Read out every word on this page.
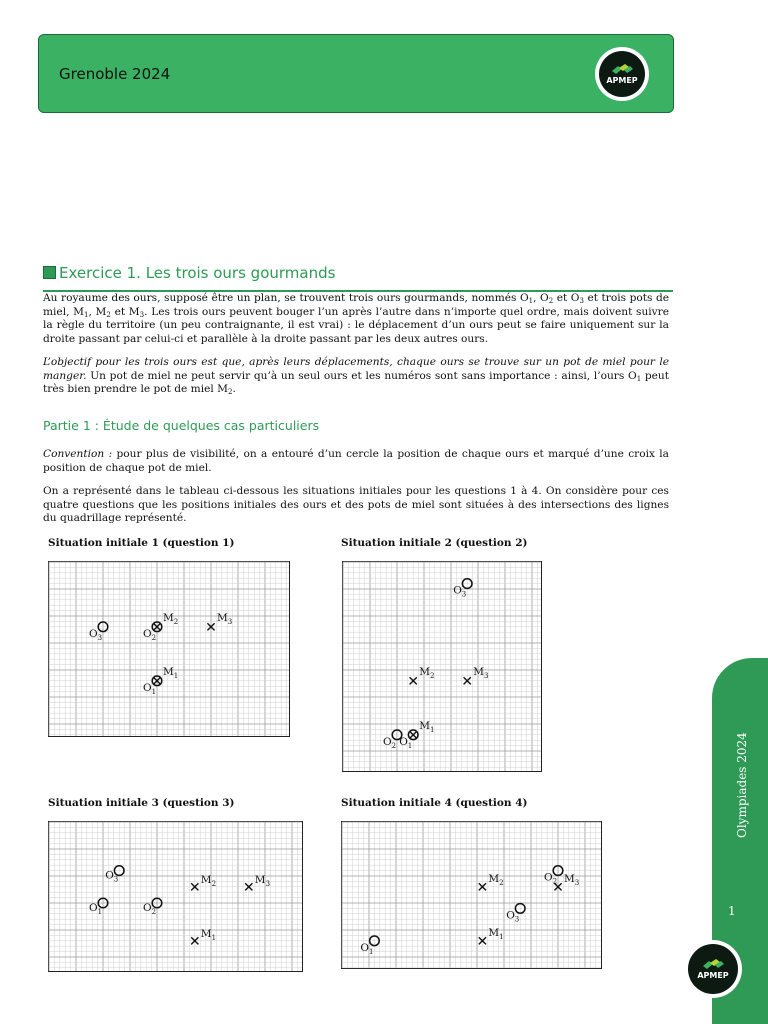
Grenoble 2024	APMEP
Exercice 1. Les trois ours gourmands
Au royaume des ours, supposé être un plan, se trouvent trois ours gourmands, nommés $O_1$, $O_2$ et $O_3$ et trois pots de miel, $M_1$, $M_2$ et $M_3$. Les trois ours peuvent bouger l’un après l’autre dans n’importe quel ordre, mais doivent suivre la règle du territoire (un peu contraignante, il est vrai) : le déplacement d’un ours peut se faire uniquement sur la droite passant par celui-ci et parallèle à la droite passant par les deux autres ours.
L’objectif pour les trois ours est que, après leurs déplacements, chaque ours se trouve sur un pot de miel pour le manger. Un pot de miel ne peut servir qu’à un seul ours et les numéros sont sans importance : ainsi, l’ours $O_1$ peut très bien prendre le pot de miel $M_2$.
Partie 1 : Étude de quelques cas particuliers
Convention : pour plus de visibilité, on a entouré d’un cercle la position de chaque ours et marqué d’une croix la position de chaque pot de miel.
On a représenté dans le tableau ci-dessous les situations initiales pour les questions 1 à 4. On considère pour ces quatre questions que les positions initiales des ours et des pots de miel sont situées à des intersections des lignes du quadrillage représenté.
Situation initiale 1 (question 1)	Situation initiale 2 (question 2)
Situation initiale 3 (question 3)	Situation initiale 4 (question 4)
$M_1$
$M_2$	$M_3$
$O_1$
$O_2$
$O_3$
$M_1$
$M_2$	$M_3$
$O_1$
$O_2$
$O_3$
$M_1$
$M_2$	$M_3$
$O_1$	$O_2$
$O_3$
$M_1$
$M_2$	$M_3$
$O_1$
$O_2$
$O_3$
Olympiades 2024
1
APMEP
